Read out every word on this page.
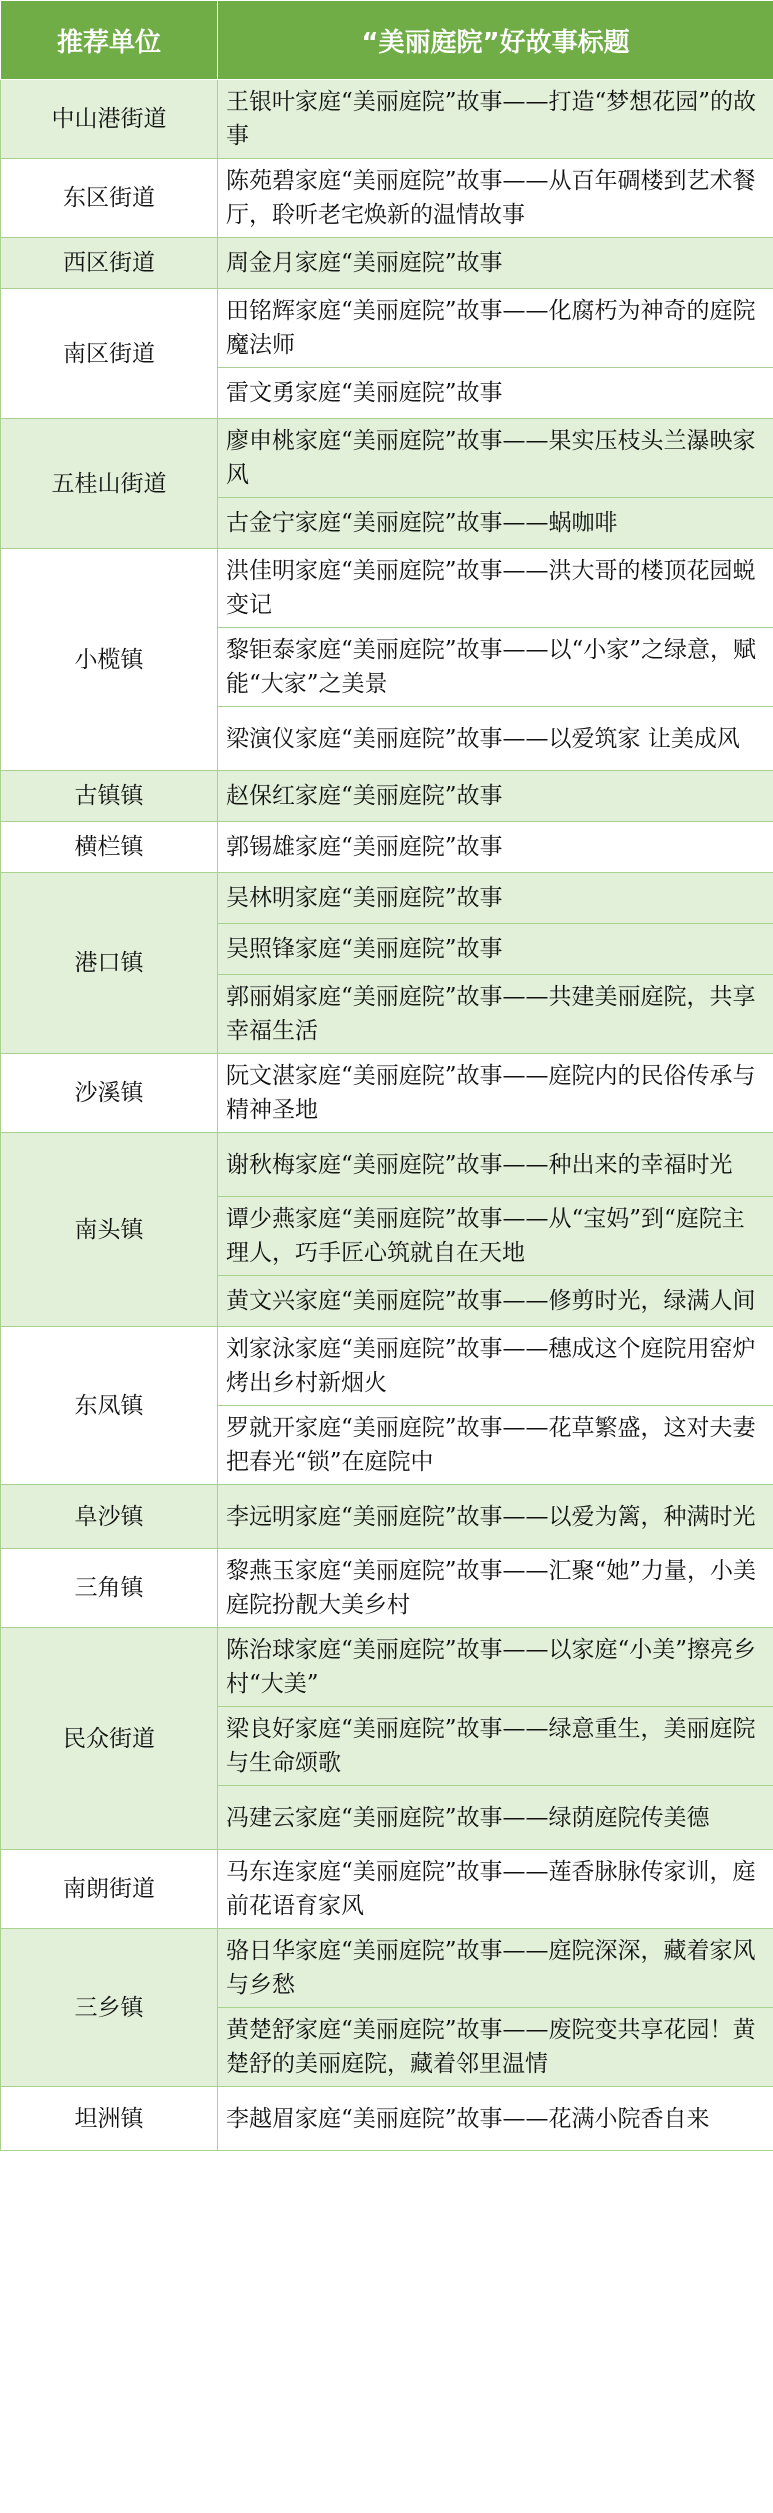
推荐单位	“美丽庭院”好故事标题
中山港街道	王银叶家庭“美丽庭院”故事——打造“梦想花园”的故事
东区街道	陈苑碧家庭“美丽庭院”故事——从百年碉楼到艺术餐厅，聆听老宅焕新的温情故事
西区街道	周金月家庭“美丽庭院”故事
南区街道	田铭辉家庭“美丽庭院”故事——化腐朽为神奇的庭院魔法师
	雷文勇家庭“美丽庭院”故事
五桂山街道	廖申桃家庭“美丽庭院”故事——果实压枝头兰瀑映家风
	古金宁家庭“美丽庭院”故事——蜗咖啡
小榄镇	洪佳明家庭“美丽庭院”故事——洪大哥的楼顶花园蜕变记
	黎钜泰家庭“美丽庭院”故事——以“小家”之绿意，赋能“大家”之美景
	梁演仪家庭“美丽庭院”故事——以爱筑家 让美成风
古镇镇	赵保红家庭“美丽庭院”故事
横栏镇	郭锡雄家庭“美丽庭院”故事
港口镇	吴林明家庭“美丽庭院”故事
	吴照锋家庭“美丽庭院”故事
	郭丽娟家庭“美丽庭院”故事——共建美丽庭院，共享幸福生活
沙溪镇	阮文湛家庭“美丽庭院”故事——庭院内的民俗传承与精神圣地
南头镇	谢秋梅家庭“美丽庭院”故事——种出来的幸福时光
	谭少燕家庭“美丽庭院”故事——从“宝妈”到“庭院主理人，巧手匠心筑就自在天地
	黄文兴家庭“美丽庭院”故事——修剪时光，绿满人间
东凤镇	刘家泳家庭“美丽庭院”故事——穗成这个庭院用窑炉烤出乡村新烟火
	罗就开家庭“美丽庭院”故事——花草繁盛，这对夫妻把春光“锁”在庭院中
阜沙镇	李远明家庭“美丽庭院”故事——以爱为篱，种满时光
三角镇	黎燕玉家庭“美丽庭院”故事——汇聚“她”力量，小美庭院扮靓大美乡村
民众街道	陈治球家庭“美丽庭院”故事——以家庭“小美”擦亮乡村“大美”
	梁良好家庭“美丽庭院”故事——绿意重生，美丽庭院与生命颂歌
	冯建云家庭“美丽庭院”故事——绿荫庭院传美德
南朗街道	马东连家庭“美丽庭院”故事——莲香脉脉传家训，庭前花语育家风
三乡镇	骆日华家庭“美丽庭院”故事——庭院深深，藏着家风与乡愁
	黄楚舒家庭“美丽庭院”故事——废院变共享花园！黄楚舒的美丽庭院，藏着邻里温情
坦洲镇	李越眉家庭“美丽庭院”故事——花满小院香自来
